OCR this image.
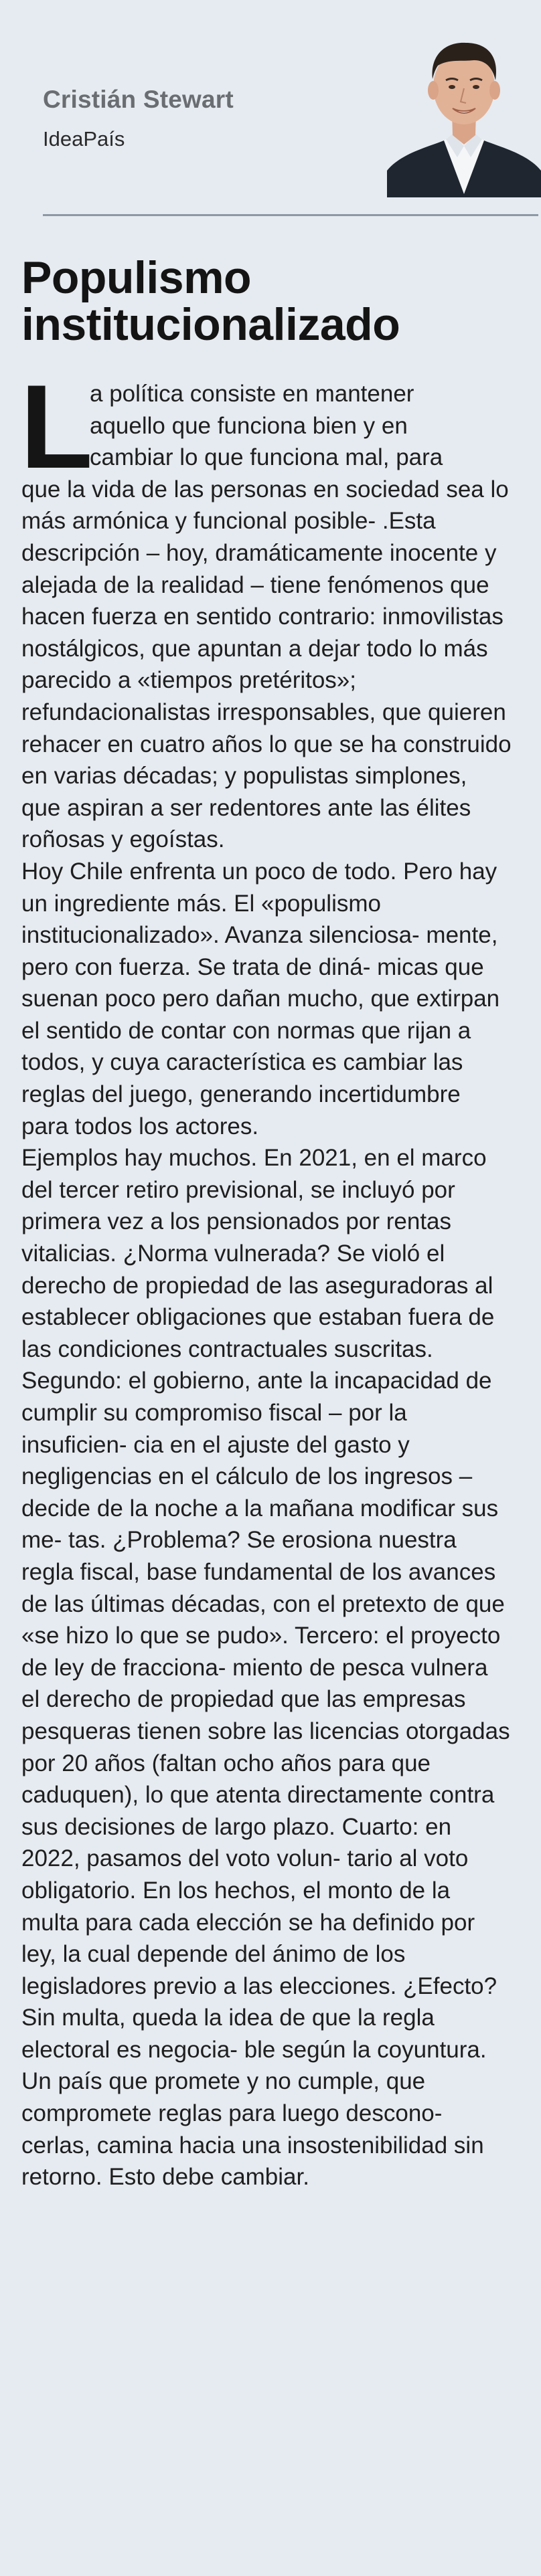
Cristián Stewart
IdeaPaís
Populismo
institucionalizado

L
a política consiste en mantener
aquello que funciona bien y en
cambiar lo que funciona mal, para
que la vida de las personas en sociedad sea lo más armónica y funcional posible- .Esta descripción – hoy, dramáticamente inocente y alejada de la realidad – tiene fenómenos que hacen fuerza en sentido contrario: inmovilistas nostálgicos, que apuntan a dejar todo lo más parecido a «tiempos pretéritos»; refundacionalistas irresponsables, que quieren rehacer en cuatro años lo que se ha construido en varias décadas; y populistas simplones, que aspiran a ser redentores ante las élites roñosas y egoístas.

Hoy Chile enfrenta un poco de todo. Pero hay un ingrediente más. El «populismo institucionalizado». Avanza silenciosa- mente, pero con fuerza. Se trata de diná- micas que suenan poco pero dañan mucho, que extirpan el sentido de contar con normas que rijan a todos, y cuya característica es cambiar las reglas del juego, generando incertidumbre para todos los actores.

Ejemplos hay muchos. En 2021, en el marco del tercer retiro previsional, se incluyó por primera vez a los pensionados por rentas vitalicias. ¿Norma vulnerada? Se violó el derecho de propiedad de las aseguradoras al establecer obligaciones que estaban fuera de las condiciones contractuales suscritas. Segundo: el gobierno, ante la incapacidad de cumplir su compromiso fiscal – por la insuficien- cia en el ajuste del gasto y negligencias en el cálculo de los ingresos – decide de la noche a la mañana modificar sus me- tas. ¿Problema? Se erosiona nuestra regla fiscal, base fundamental de los avances de las últimas décadas, con el pretexto de que «se hizo lo que se pudo». Tercero: el proyecto de ley de fracciona- miento de pesca vulnera el derecho de propiedad que las empresas pesqueras tienen sobre las licencias otorgadas por 20 años (faltan ocho años para que caduquen), lo que atenta directamente contra sus decisiones de largo plazo. Cuarto: en 2022, pasamos del voto volun- tario al voto obligatorio. En los hechos, el monto de la multa para cada elección se ha definido por ley, la cual depende del ánimo de los legisladores previo a las elecciones. ¿Efecto? Sin multa, queda la idea de que la regla electoral es negocia- ble según la coyuntura.

Un país que promete y no cumple, que compromete reglas para luego descono- cerlas, camina hacia una insostenibilidad sin retorno. Esto debe cambiar.
